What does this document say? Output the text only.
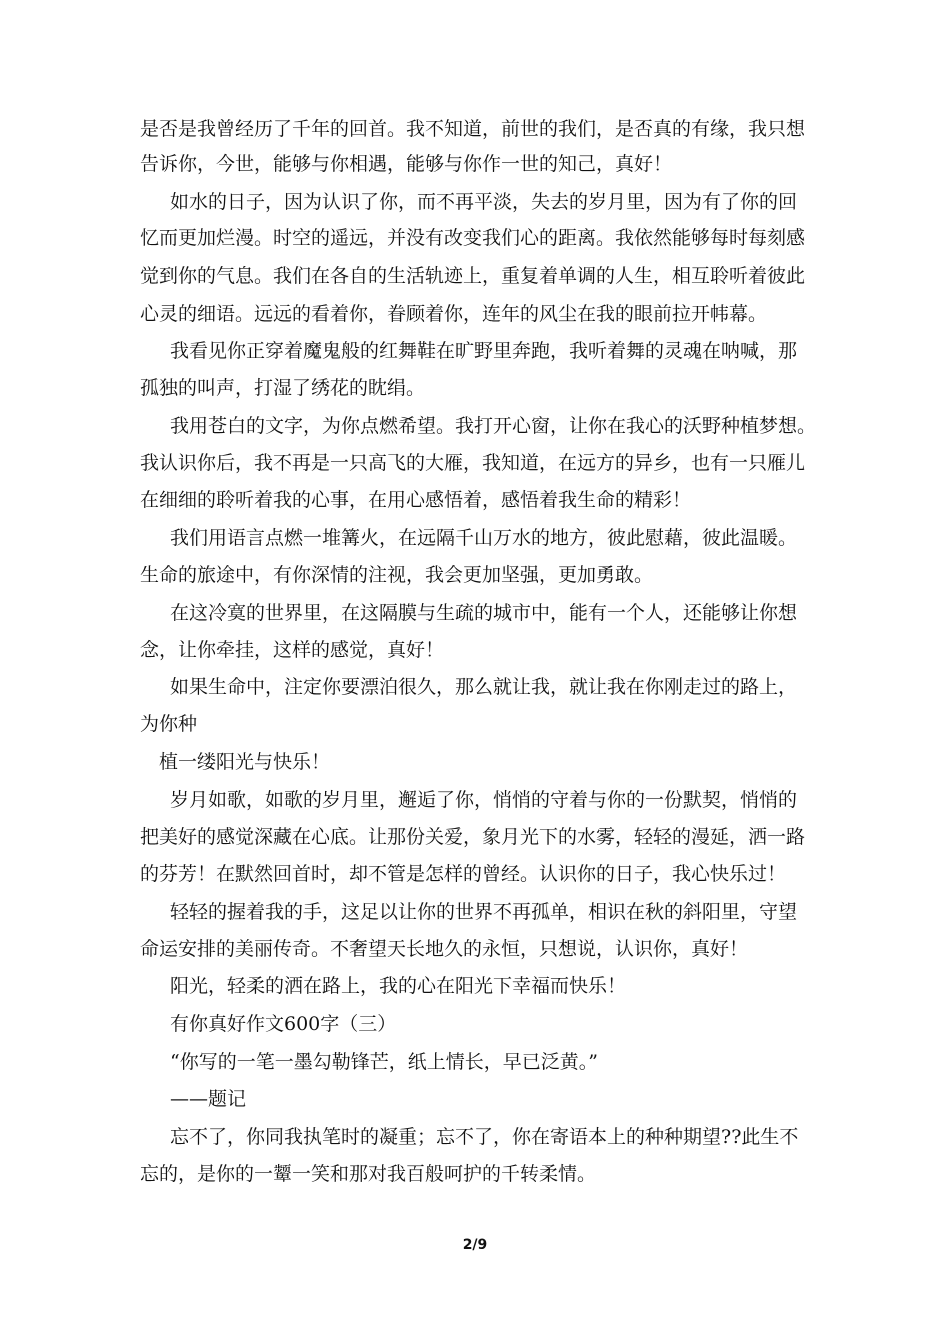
是否是我曾经历了千年的回首。我不知道，前世的我们，是否真的有缘，我只想
告诉你，今世，能够与你相遇，能够与你作一世的知己，真好！
如水的日子，因为认识了你，而不再平淡，失去的岁月里，因为有了你的回
忆而更加烂漫。时空的遥远，并没有改变我们心的距离。我依然能够每时每刻感
觉到你的气息。我们在各自的生活轨迹上，重复着单调的人生，相互聆听着彼此
心灵的细语。远远的看着你，眷顾着你，连年的风尘在我的眼前拉开帏幕。
我看见你正穿着魔鬼般的红舞鞋在旷野里奔跑，我听着舞的灵魂在呐喊，那
孤独的叫声，打湿了绣花的眈绢。
我用苍白的文字，为你点燃希望。我打开心窗，让你在我心的沃野种植梦想。
我认识你后，我不再是一只高飞的大雁，我知道，在远方的异乡，也有一只雁儿
在细细的聆听着我的心事，在用心感悟着，感悟着我生命的精彩！
我们用语言点燃一堆篝火，在远隔千山万水的地方，彼此慰藉，彼此温暖。
生命的旅途中，有你深情的注视，我会更加坚强，更加勇敢。
在这冷寞的世界里，在这隔膜与生疏的城市中，能有一个人，还能够让你想
念，让你牵挂，这样的感觉，真好！
如果生命中，注定你要漂泊很久，那么就让我，就让我在你刚走过的路上，
为你种
植一缕阳光与快乐！
岁月如歌，如歌的岁月里，邂逅了你，悄悄的守着与你的一份默契，悄悄的
把美好的感觉深藏在心底。让那份关爱，象月光下的水雾，轻轻的漫延，洒一路
的芬芳！在默然回首时，却不管是怎样的曾经。认识你的日子，我心快乐过！
轻轻的握着我的手，这足以让你的世界不再孤单，相识在秋的斜阳里，守望
命运安排的美丽传奇。不奢望天长地久的永恒，只想说，认识你，真好！
阳光，轻柔的洒在路上，我的心在阳光下幸福而快乐！
有你真好作文600字（三）
“你写的一笔一墨勾勒锋芒，纸上情长，早已泛黄。”
——题记
忘不了，你同我执笔时的凝重；忘不了，你在寄语本上的种种期望??此生不
忘的，是你的一颦一笑和那对我百般呵护的千转柔情。
2/9
